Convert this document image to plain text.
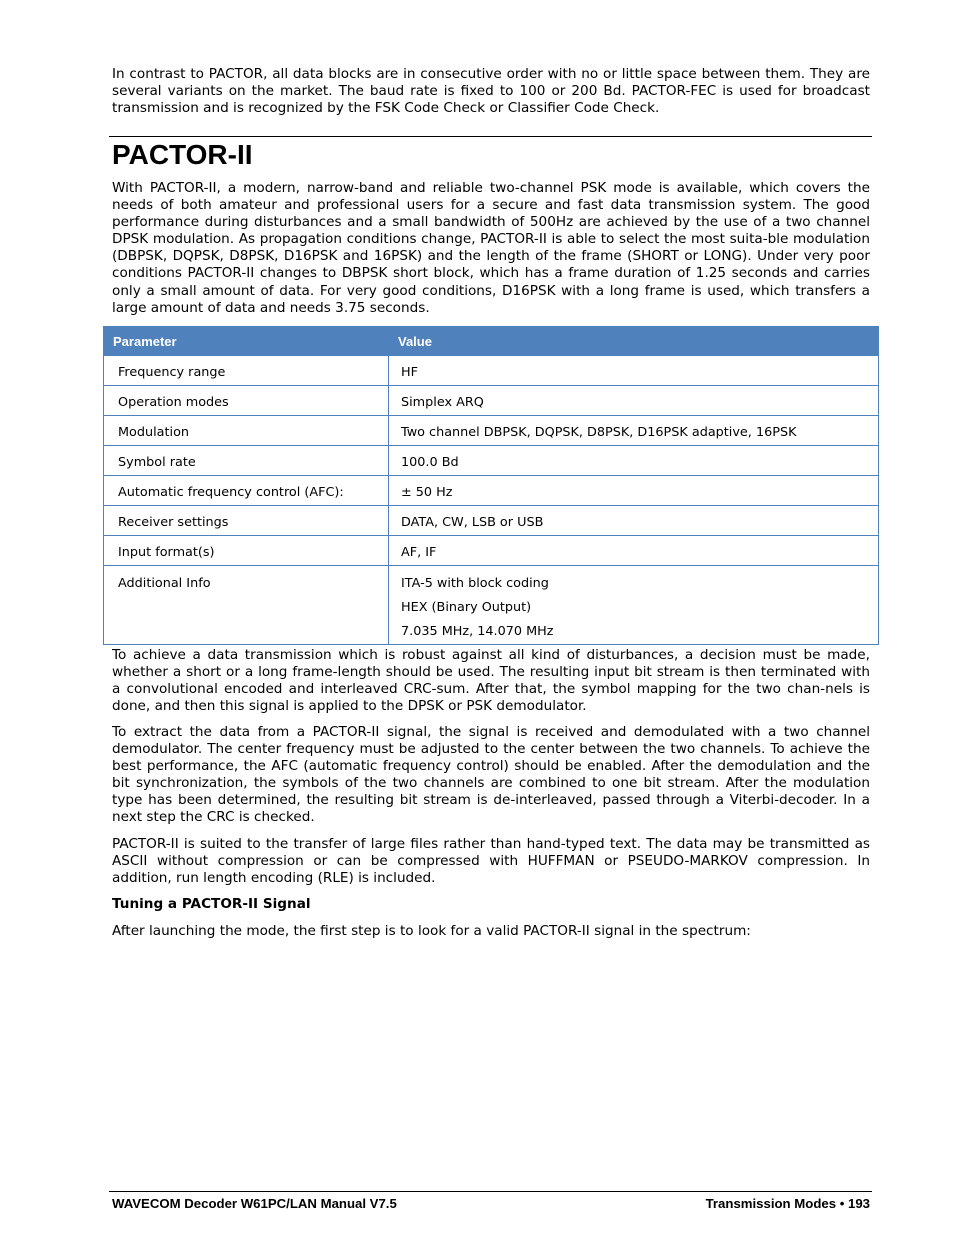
In contrast to PACTOR, all data blocks are in consecutive order with no or little space between them. They are several variants on the market. The baud rate is fixed to 100 or 200 Bd. PACTOR-FEC is used for broadcast transmission and is recognized by the FSK Code Check or Classifier Code Check.

PACTOR-II

With PACTOR-II, a modern, narrow-band and reliable two-channel PSK mode is available, which covers the needs of both amateur and professional users for a secure and fast data transmission system. The good performance during disturbances and a small bandwidth of 500Hz are achieved by the use of a two channel DPSK modulation. As propagation conditions change, PACTOR-II is able to select the most suita-ble modulation (DBPSK, DQPSK, D8PSK, D16PSK and 16PSK) and the length of the frame (SHORT or LONG). Under very poor conditions PACTOR-II changes to DBPSK short block, which has a frame duration of 1.25 seconds and carries only a small amount of data. For very good conditions, D16PSK with a long frame is used, which transfers a large amount of data and needs 3.75 seconds.

Parameter	Value
Frequency range	HF
Operation modes	Simplex ARQ
Modulation	Two channel DBPSK, DQPSK, D8PSK, D16PSK adaptive, 16PSK
Symbol rate	100.0 Bd
Automatic frequency control (AFC):	± 50 Hz
Receiver settings	DATA, CW, LSB or USB
Input format(s)	AF, IF

Additional Info	ITA-5 with block coding
HEX (Binary Output)
7.035 MHz, 14.070 MHz

To achieve a data transmission which is robust against all kind of disturbances, a decision must be made, whether a short or a long frame-length should be used. The resulting input bit stream is then terminated with a convolutional encoded and interleaved CRC-sum. After that, the symbol mapping for the two chan-nels is done, and then this signal is applied to the DPSK or PSK demodulator.

To extract the data from a PACTOR-II signal, the signal is received and demodulated with a two channel demodulator. The center frequency must be adjusted to the center between the two channels. To achieve the best performance, the AFC (automatic frequency control) should be enabled. After the demodulation and the bit synchronization, the symbols of the two channels are combined to one bit stream. After the modulation type has been determined, the resulting bit stream is de-interleaved, passed through a Viterbi-decoder. In a next step the CRC is checked.

PACTOR-II is suited to the transfer of large files rather than hand-typed text. The data may be transmitted as ASCII without compression or can be compressed with HUFFMAN or PSEUDO-MARKOV compression. In addition, run length encoding (RLE) is included.

Tuning a PACTOR-II Signal

After launching the mode, the first step is to look for a valid PACTOR-II signal in the spectrum:

WAVECOM Decoder W61PC/LAN Manual V7.5	Transmission Modes • 193
